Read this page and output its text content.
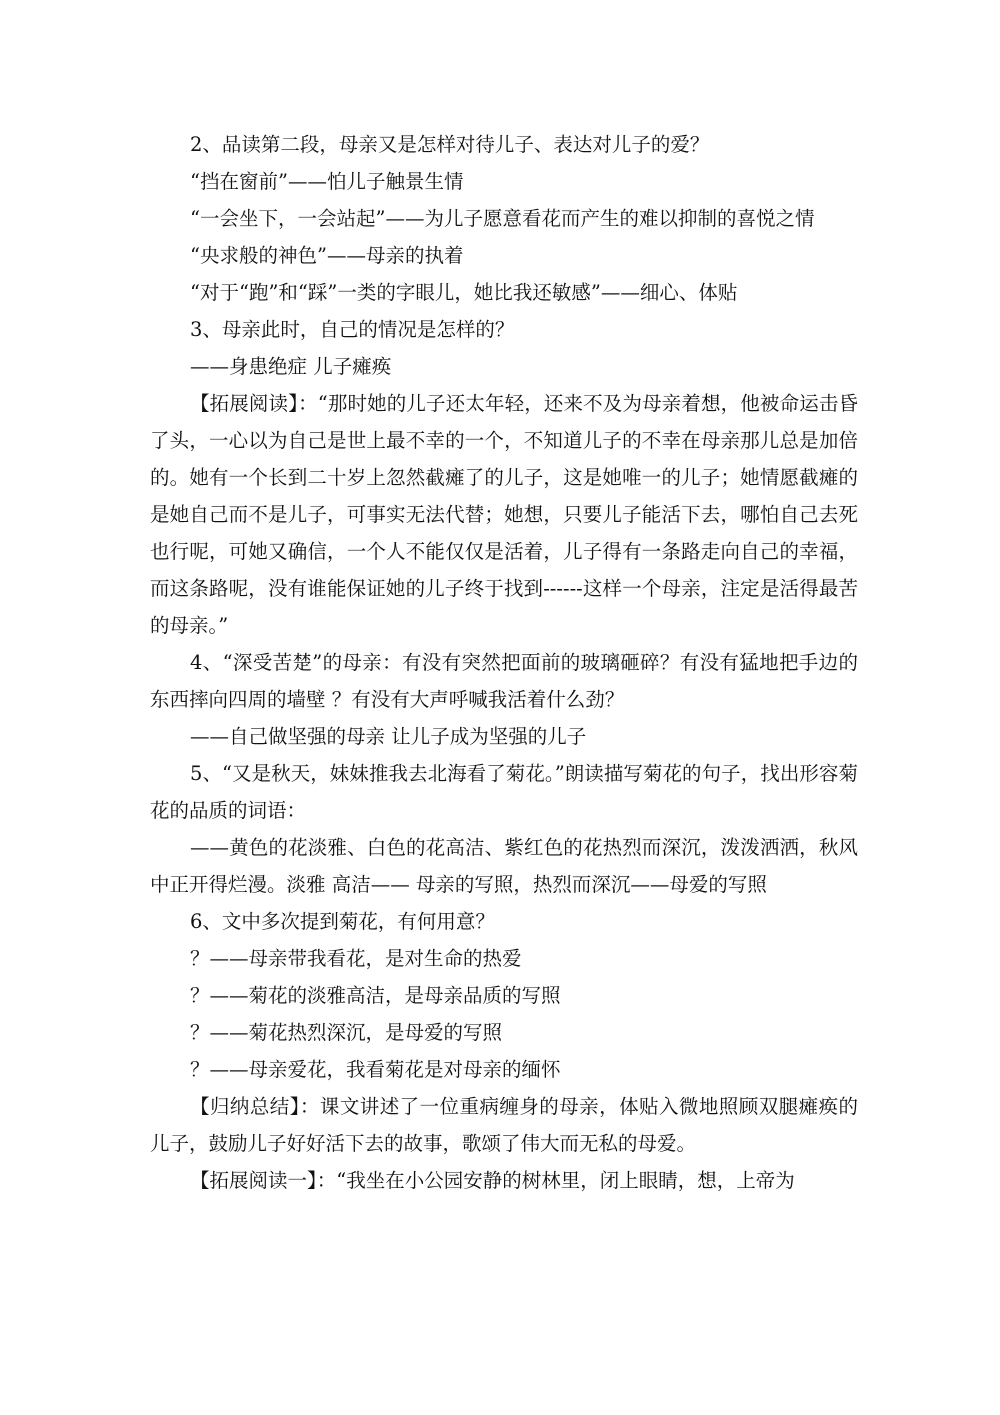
2、品读第二段，母亲又是怎样对待儿子、表达对儿子的爱？

“挡在窗前”——怕儿子触景生情

“一会坐下，一会站起”——为儿子愿意看花而产生的难以抑制的喜悦之情

“央求般的神色”——母亲的执着

“对于“跑”和“踩”一类的字眼儿，她比我还敏感”——细心、体贴

3、母亲此时，自己的情况是怎样的？

——身患绝症 儿子瘫痪

【拓展阅读】：“那时她的儿子还太年轻，还来不及为母亲着想，他被命运击昏了头，一心以为自己是世上最不幸的一个，不知道儿子的不幸在母亲那儿总是加倍的。她有一个长到二十岁上忽然截瘫了的儿子，这是她唯一的儿子；她情愿截瘫的是她自己而不是儿子，可事实无法代替；她想，只要儿子能活下去，哪怕自己去死也行呢，可她又确信，一个人不能仅仅是活着，儿子得有一条路走向自己的幸福，而这条路呢，没有谁能保证她的儿子终于找到------这样一个母亲，注定是活得最苦的母亲。”

4、“深受苦楚”的母亲：有没有突然把面前的玻璃砸碎？有没有猛地把手边的东西摔向四周的墙壁 ？有没有大声呼喊我活着什么劲？

——自己做坚强的母亲 让儿子成为坚强的儿子

5、“又是秋天，妹妹推我去北海看了菊花。”朗读描写菊花的句子，找出形容菊花的品质的词语：

——黄色的花淡雅、白色的花高洁、紫红色的花热烈而深沉，泼泼洒洒，秋风中正开得烂漫。淡雅 高洁—— 母亲的写照，热烈而深沉——母爱的写照

6、文中多次提到菊花，有何用意？

？——母亲带我看花，是对生命的热爱

？——菊花的淡雅高洁，是母亲品质的写照

？——菊花热烈深沉，是母爱的写照

？——母亲爱花，我看菊花是对母亲的缅怀

【归纳总结】：课文讲述了一位重病缠身的母亲，体贴入微地照顾双腿瘫痪的儿子，鼓励儿子好好活下去的故事，歌颂了伟大而无私的母爱。

【拓展阅读一】：“我坐在小公园安静的树林里，闭上眼睛，想，上帝为
